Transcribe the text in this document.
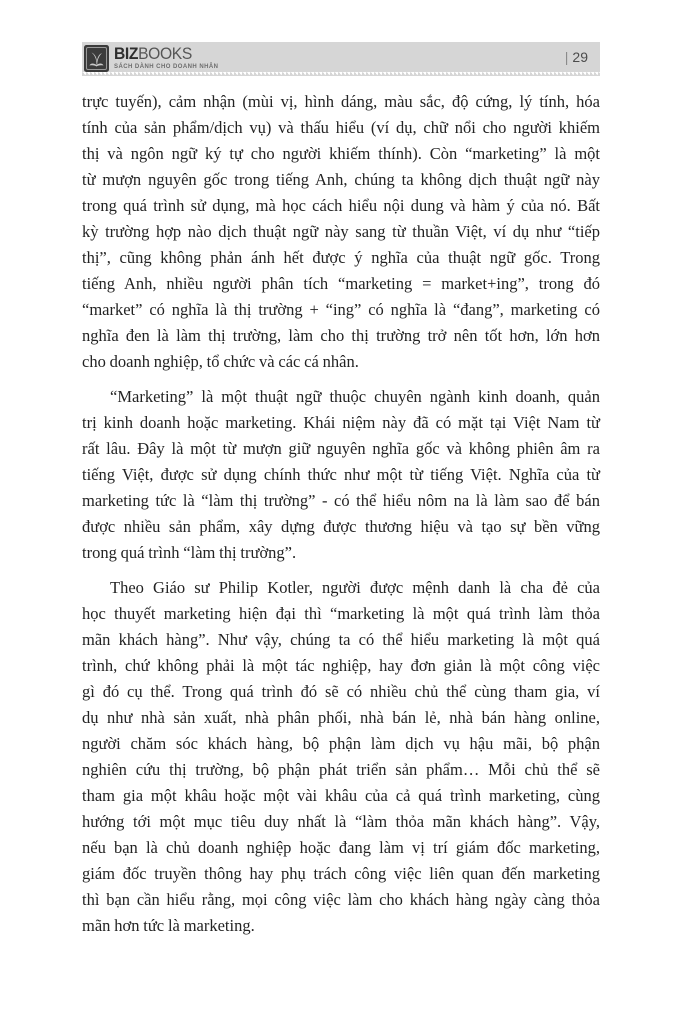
BIZBOOKS
SÁCH DÀNH CHO DOANH NHÂN
| 29
trực tuyến), cảm nhận (mùi vị, hình dáng, màu sắc, độ cứng, lý tính, hóa
tính của sản phẩm/dịch vụ) và thấu hiểu (ví dụ, chữ nổi cho người khiếm
thị và ngôn ngữ ký tự cho người khiếm thính). Còn “marketing” là một
từ mượn nguyên gốc trong tiếng Anh, chúng ta không dịch thuật ngữ này
trong quá trình sử dụng, mà học cách hiểu nội dung và hàm ý của nó. Bất
kỳ trường hợp nào dịch thuật ngữ này sang từ thuần Việt, ví dụ như “tiếp
thị”, cũng không phản ánh hết được ý nghĩa của thuật ngữ gốc. Trong
tiếng Anh, nhiều người phân tích “marketing = market+ing”, trong đó
“market” có nghĩa là thị trường + “ing” có nghĩa là “đang”, marketing có
nghĩa đen là làm thị trường, làm cho thị trường trở nên tốt hơn, lớn hơn
cho doanh nghiệp, tổ chức và các cá nhân.
“Marketing” là một thuật ngữ thuộc chuyên ngành kinh doanh, quản
trị kinh doanh hoặc marketing. Khái niệm này đã có mặt tại Việt Nam từ
rất lâu. Đây là một từ mượn giữ nguyên nghĩa gốc và không phiên âm ra
tiếng Việt, được sử dụng chính thức như một từ tiếng Việt. Nghĩa của từ
marketing tức là “làm thị trường” - có thể hiểu nôm na là làm sao để bán
được nhiều sản phẩm, xây dựng được thương hiệu và tạo sự bền vững
trong quá trình “làm thị trường”.
Theo Giáo sư Philip Kotler, người được mệnh danh là cha đẻ của
học thuyết marketing hiện đại thì “marketing là một quá trình làm thỏa
mãn khách hàng”. Như vậy, chúng ta có thể hiểu marketing là một quá
trình, chứ không phải là một tác nghiệp, hay đơn giản là một công việc
gì đó cụ thể. Trong quá trình đó sẽ có nhiều chủ thể cùng tham gia, ví
dụ như nhà sản xuất, nhà phân phối, nhà bán lẻ, nhà bán hàng online,
người chăm sóc khách hàng, bộ phận làm dịch vụ hậu mãi, bộ phận
nghiên cứu thị trường, bộ phận phát triển sản phẩm… Mỗi chủ thể sẽ
tham gia một khâu hoặc một vài khâu của cả quá trình marketing, cùng
hướng tới một mục tiêu duy nhất là “làm thỏa mãn khách hàng”. Vậy,
nếu bạn là chủ doanh nghiệp hoặc đang làm vị trí giám đốc marketing,
giám đốc truyền thông hay phụ trách công việc liên quan đến marketing
thì bạn cần hiểu rằng, mọi công việc làm cho khách hàng ngày càng thỏa
mãn hơn tức là marketing.
